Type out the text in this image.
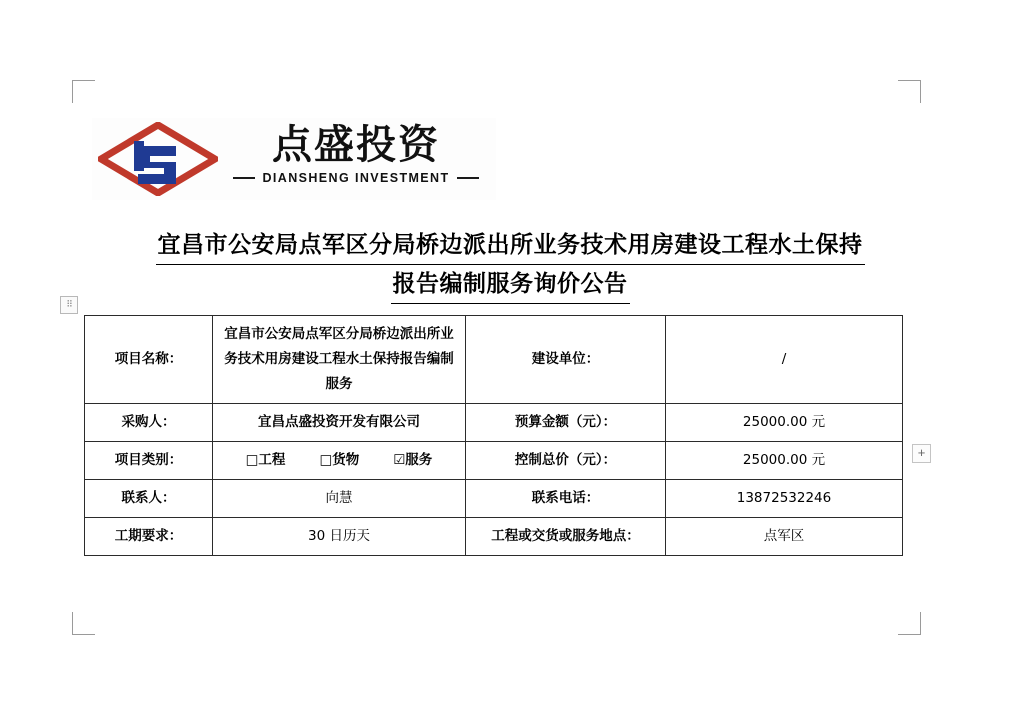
点盛投资
DIANSHENG INVESTMENT
宜昌市公安局点军区分局桥边派出所业务技术用房建设工程水土保持
报告编制服务询价公告
⠿
+
项目名称：	宜昌市公安局点军区分局桥边派出所业务技术用房建设工程水土保持报告编制服务	建设单位：	/
采购人：	宜昌点盛投资开发有限公司	预算金额（元）：	25000.00 元
项目类别：	□工程 □货物 ☑服务	控制总价（元）：	25000.00 元
联系人：	向慧	联系电话：	13872532246
工期要求：	30 日历天	工程或交货或服务地点：	点军区
